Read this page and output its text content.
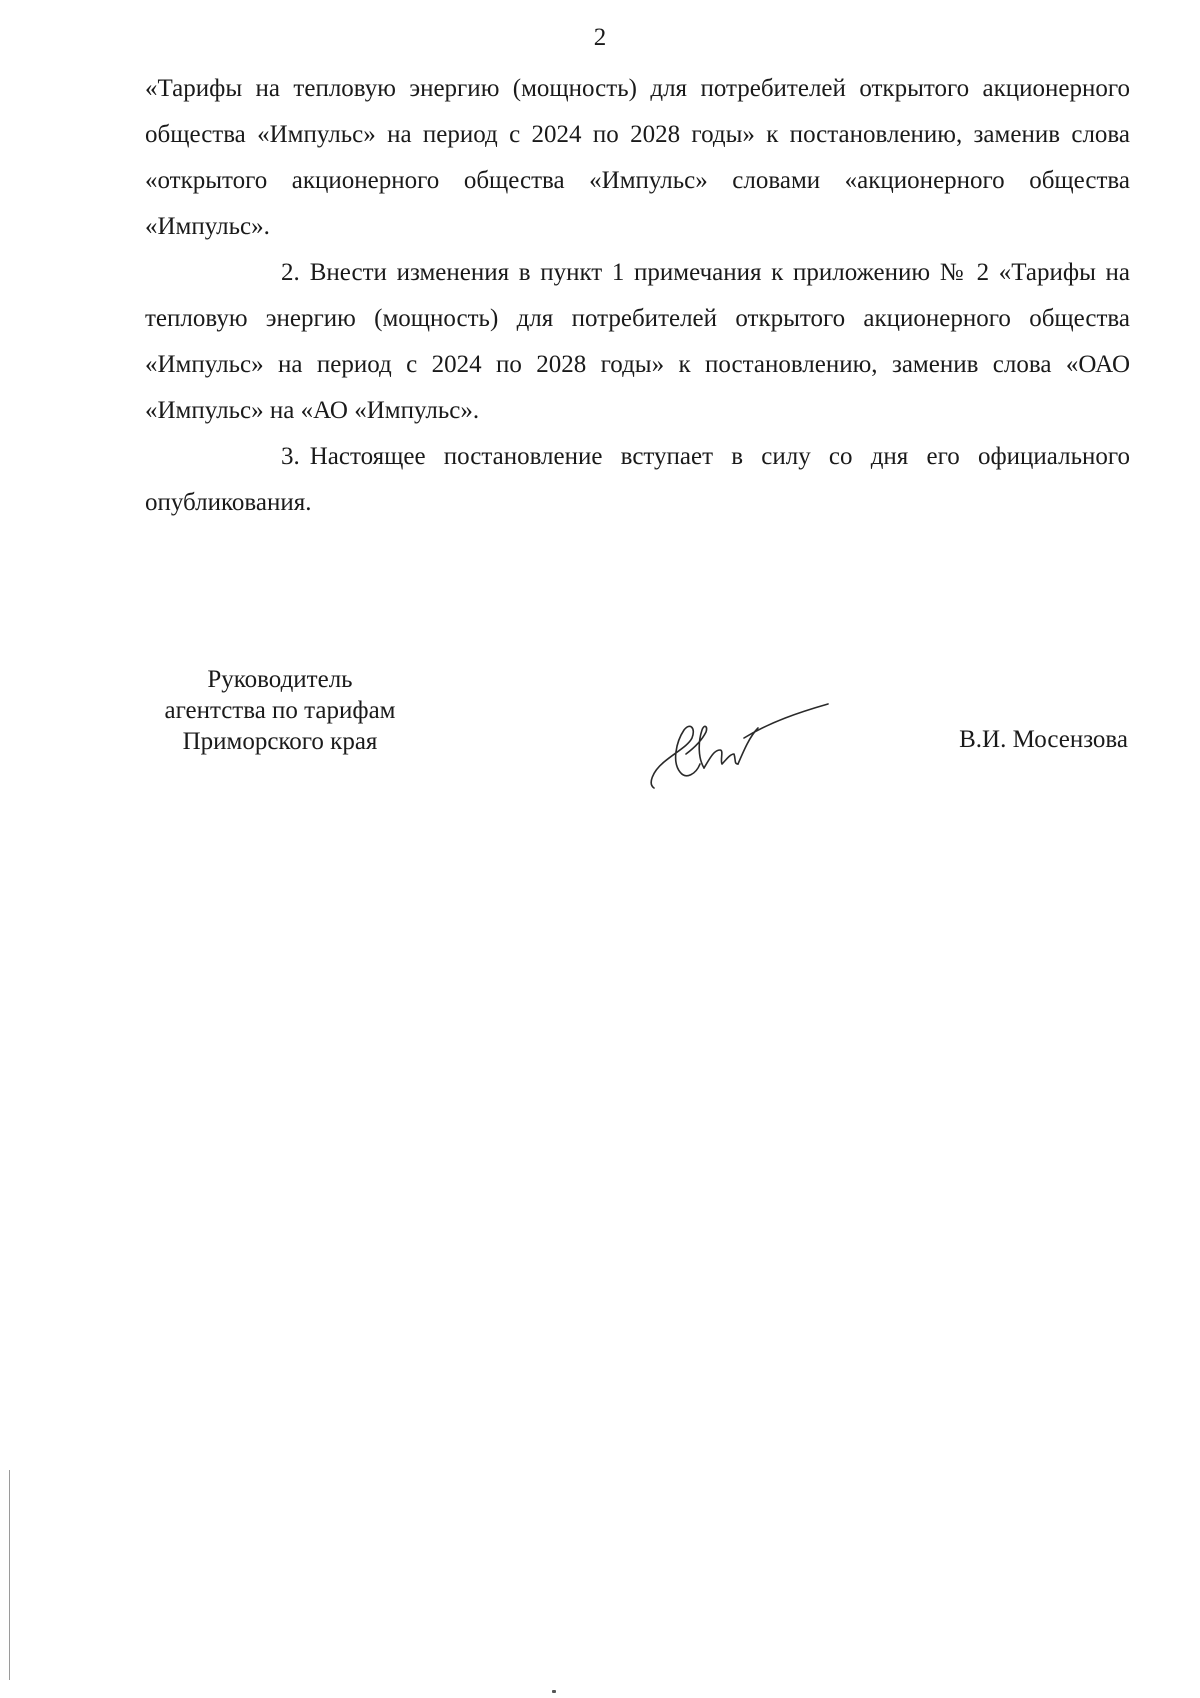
2

«Тарифы на тепловую энергию (мощность) для потребителей открытого акционерного общества «Импульс» на период с 2024 по 2028 годы» к постановлению, заменив слова «открытого акционерного общества «Импульс» словами «акционерного общества «Импульс».

2. Внести изменения в пункт 1 примечания к приложению № 2 «Тарифы на тепловую энергию (мощность) для потребителей открытого акционерного общества «Импульс» на период с 2024 по 2028 годы» к постановлению, заменив слова «ОАО «Импульс» на «АО «Импульс».

3. Настоящее постановление вступает в силу со дня его официального опубликования.

Руководитель
агентства по тарифам
Приморского края	В.И. Мосензова
